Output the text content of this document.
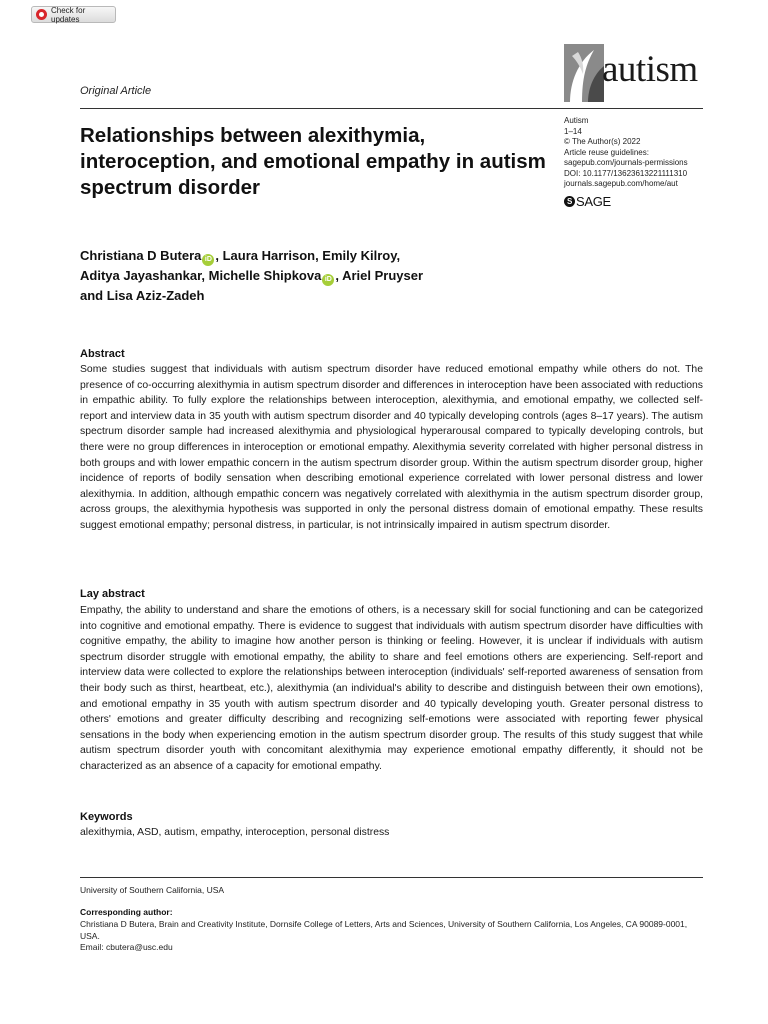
Check for updates
Original Article
autism
Autism
1–14
© The Author(s) 2022
Article reuse guidelines:
sagepub.com/journals-permissions
DOI: 10.1177/13623613221111310
journals.sagepub.com/home/aut
S SAGE
Relationships between alexithymia, interoception, and emotional empathy in autism spectrum disorder
Christiana D Butera iD , Laura Harrison, Emily Kilroy,
Aditya Jayashankar, Michelle Shipkova iD , Ariel Pruyser
and Lisa Aziz-Zadeh
Abstract
Some studies suggest that individuals with autism spectrum disorder have reduced emotional empathy while others do not. The presence of co-occurring alexithymia in autism spectrum disorder and differences in interoception have been associated with reductions in empathic ability. To fully explore the relationships between interoception, alexithymia, and emotional empathy, we collected self-report and interview data in 35 youth with autism spectrum disorder and 40 typically developing controls (ages 8–17 years). The autism spectrum disorder sample had increased alexithymia and physiological hyperarousal compared to typically developing controls, but there were no group differences in interoception or emotional empathy. Alexithymia severity correlated with higher personal distress in both groups and with lower empathic concern in the autism spectrum disorder group. Within the autism spectrum disorder group, higher incidence of reports of bodily sensation when describing emotional experience correlated with lower personal distress and lower alexithymia. In addition, although empathic concern was negatively correlated with alexithymia in the autism spectrum disorder group, across groups, the alexithymia hypothesis was supported in only the personal distress domain of emotional empathy. These results suggest emotional empathy; personal distress, in particular, is not intrinsically impaired in autism spectrum disorder.
Lay abstract
Empathy, the ability to understand and share the emotions of others, is a necessary skill for social functioning and can be categorized into cognitive and emotional empathy. There is evidence to suggest that individuals with autism spectrum disorder have difficulties with cognitive empathy, the ability to imagine how another person is thinking or feeling. However, it is unclear if individuals with autism spectrum disorder struggle with emotional empathy, the ability to share and feel emotions others are experiencing. Self-report and interview data were collected to explore the relationships between interoception (individuals' self-reported awareness of sensation from their body such as thirst, heartbeat, etc.), alexithymia (an individual's ability to describe and distinguish between their own emotions), and emotional empathy in 35 youth with autism spectrum disorder and 40 typically developing youth. Greater personal distress to others' emotions and greater difficulty describing and recognizing self-emotions were associated with reporting fewer physical sensations in the body when experiencing emotion in the autism spectrum disorder group. The results of this study suggest that while autism spectrum disorder youth with concomitant alexithymia may experience emotional empathy differently, it should not be characterized as an absence of a capacity for emotional empathy.
Keywords
alexithymia, ASD, autism, empathy, interoception, personal distress
University of Southern California, USA
Corresponding author:
Christiana D Butera, Brain and Creativity Institute, Dornsife College of Letters, Arts and Sciences, University of Southern California, Los Angeles, CA 90089-0001, USA.
Email: cbutera@usc.edu
